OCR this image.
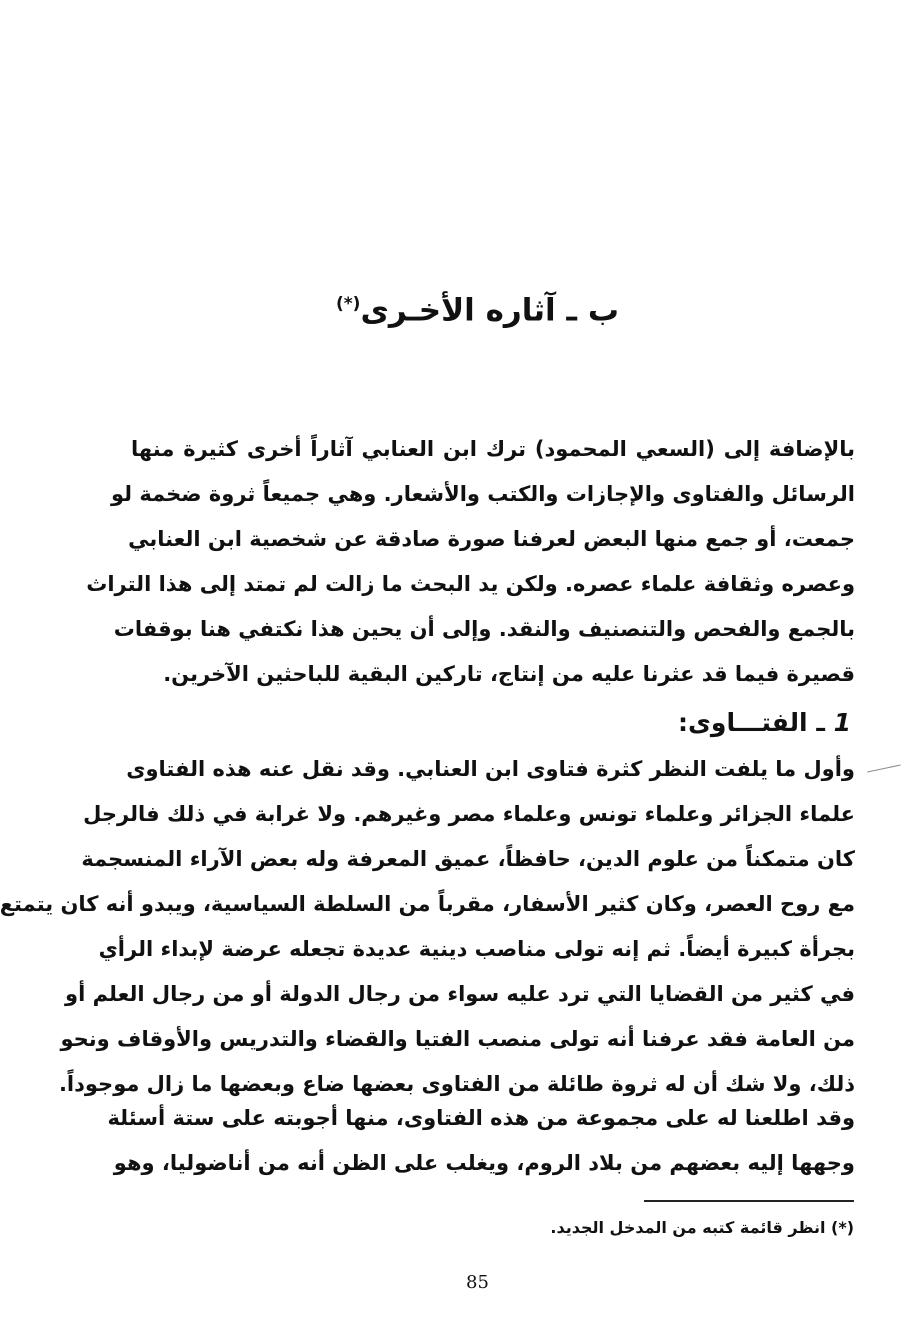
ب ـ آثاره الأخـرى(*)
بالإضافة إلى (السعي المحمود) ترك ابن العنابي آثاراً أخرى كثيرة منها
الرسائل والفتاوى والإجازات والكتب والأشعار. وهي جميعاً ثروة ضخمة لو
جمعت، أو جمع منها البعض لعرفنا صورة صادقة عن شخصية ابن العنابي
وعصره وثقافة علماء عصره. ولكن يد البحث ما زالت لم تمتد إلى هذا التراث
بالجمع والفحص والتنصنيف والنقد. وإلى أن يحين هذا نكتفي هنا بوقفات
قصيرة فيما قد عثرنا عليه من إنتاج، تاركين البقية للباحثين الآخرين.
1 ـ الفتـــاوى:
وأول ما يلفت النظر كثرة فتاوى ابن العنابي. وقد نقل عنه هذه الفتاوى
علماء الجزائر وعلماء تونس وعلماء مصر وغيرهم. ولا غرابة في ذلك فالرجل
كان متمكناً من علوم الدين، حافظاً، عميق المعرفة وله بعض الآراء المنسجمة
مع روح العصر، وكان كثير الأسفار، مقرباً من السلطة السياسية، ويبدو أنه كان يتمتع
بجرأة كبيرة أيضاً. ثم إنه تولى مناصب دينية عديدة تجعله عرضة لإبداء الرأي
في كثير من القضايا التي ترد عليه سواء من رجال الدولة أو من رجال العلم أو
من العامة فقد عرفنا أنه تولى منصب الفتيا والقضاء والتدريس والأوقاف ونحو
ذلك، ولا شك أن له ثروة طائلة من الفتاوى بعضها ضاع وبعضها ما زال موجوداً.
وقد اطلعنا له على مجموعة من هذه الفتاوى، منها أجوبته على ستة أسئلة
وجهها إليه بعضهم من بلاد الروم، ويغلب على الظن أنه من أناضوليا، وهو
(*) انظر قائمة كتبه من المدخل الجديد.
85
